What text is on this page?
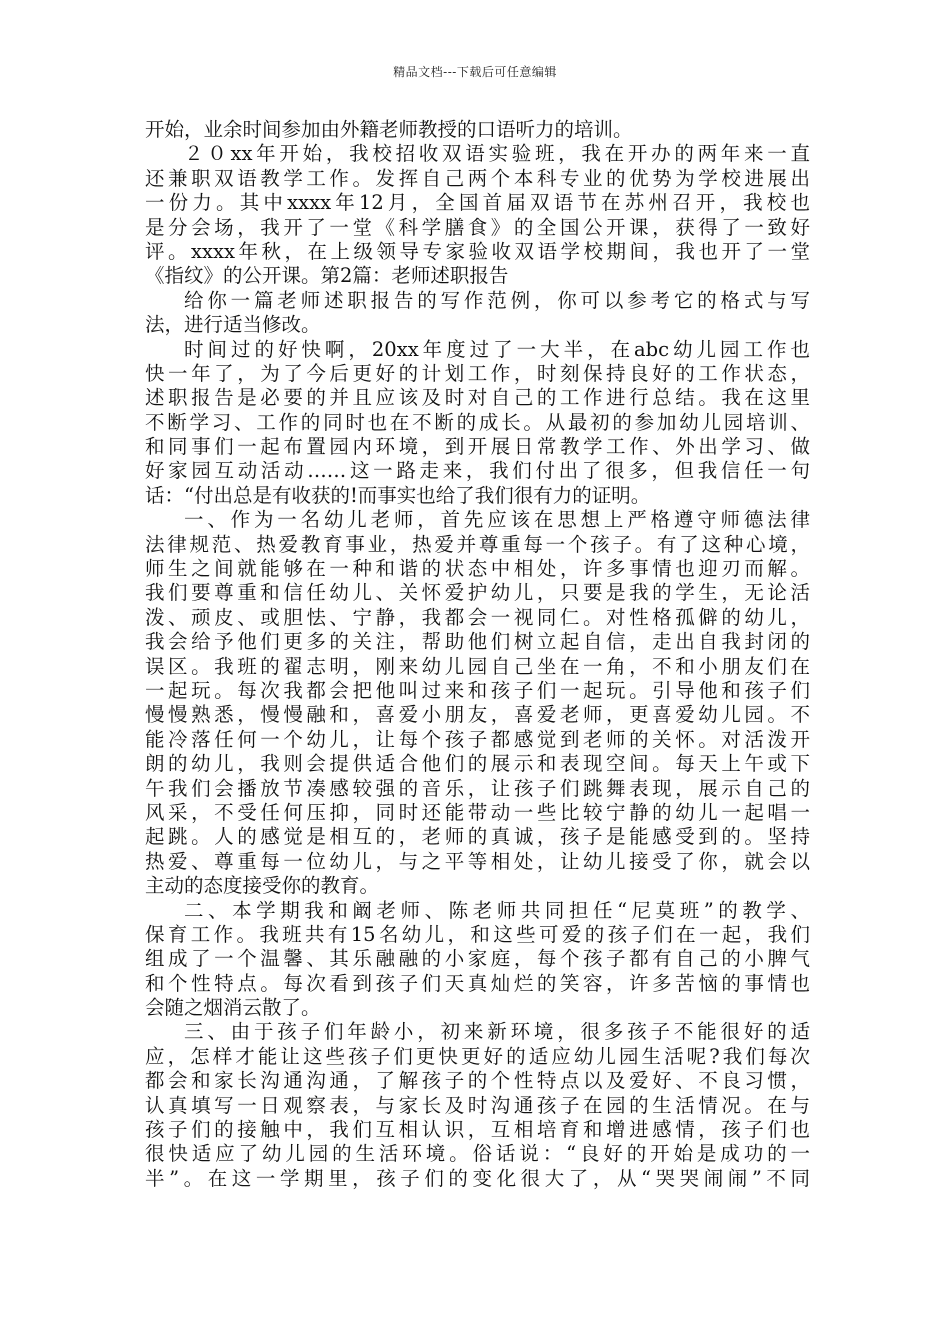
精品文档---下载后可任意编辑
开始，业余时间参加由外籍老师教授的口语听力的培训。
２０xx年开始，我校招收双语实验班，我在开办的两年来一直
还兼职双语教学工作。发挥自己两个本科专业的优势为学校进展出
一份力。其中xxxx年12月，全国首届双语节在苏州召开，我校也
是分会场，我开了一堂《科学膳食》的全国公开课，获得了一致好
评。xxxx年秋，在上级领导专家验收双语学校期间，我也开了一堂
《指纹》的公开课。第2篇：老师述职报告
给你一篇老师述职报告的写作范例，你可以参考它的格式与写
法，进行适当修改。
时间过的好快啊，20xx年度过了一大半，在abc幼儿园工作也
快一年了，为了今后更好的计划工作，时刻保持良好的工作状态，
述职报告是必要的并且应该及时对自己的工作进行总结。我在这里
不断学习、工作的同时也在不断的成长。从最初的参加幼儿园培训、
和同事们一起布置园内环境，到开展日常教学工作、外出学习、做
好家园互动活动……这一路走来，我们付出了很多，但我信任一句
话：“付出总是有收获的!而事实也给了我们很有力的证明。
一、作为一名幼儿老师，首先应该在思想上严格遵守师德法律
法律规范、热爱教育事业，热爱并尊重每一个孩子。有了这种心境，
师生之间就能够在一种和谐的状态中相处，许多事情也迎刃而解。
我们要尊重和信任幼儿、关怀爱护幼儿，只要是我的学生，无论活
泼、顽皮、或胆怯、宁静，我都会一视同仁。对性格孤僻的幼儿，
我会给予他们更多的关注，帮助他们树立起自信，走出自我封闭的
误区。我班的翟志明，刚来幼儿园自己坐在一角，不和小朋友们在
一起玩。每次我都会把他叫过来和孩子们一起玩。引导他和孩子们
慢慢熟悉，慢慢融和，喜爱小朋友，喜爱老师，更喜爱幼儿园。不
能冷落任何一个幼儿，让每个孩子都感觉到老师的关怀。对活泼开
朗的幼儿，我则会提供适合他们的展示和表现空间。每天上午或下
午我们会播放节凑感较强的音乐，让孩子们跳舞表现，展示自己的
风采，不受任何压抑，同时还能带动一些比较宁静的幼儿一起唱一
起跳。人的感觉是相互的，老师的真诚，孩子是能感受到的。坚持
热爱、尊重每一位幼儿，与之平等相处，让幼儿接受了你，就会以
主动的态度接受你的教育。
二、本学期我和阚老师、陈老师共同担任“尼莫班”的教学、
保育工作。我班共有15名幼儿，和这些可爱的孩子们在一起，我们
组成了一个温馨、其乐融融的小家庭，每个孩子都有自己的小脾气
和个性特点。每次看到孩子们天真灿烂的笑容，许多苦恼的事情也
会随之烟消云散了。
三、由于孩子们年龄小，初来新环境，很多孩子不能很好的适
应，怎样才能让这些孩子们更快更好的适应幼儿园生活呢?我们每次
都会和家长沟通沟通，了解孩子的个性特点以及爱好、不良习惯，
认真填写一日观察表，与家长及时沟通孩子在园的生活情况。在与
孩子们的接触中，我们互相认识，互相培育和增进感情，孩子们也
很快适应了幼儿园的生活环境。俗话说：“良好的开始是成功的一
半”。在这一学期里，孩子们的变化很大了，从“哭哭闹闹”不同
